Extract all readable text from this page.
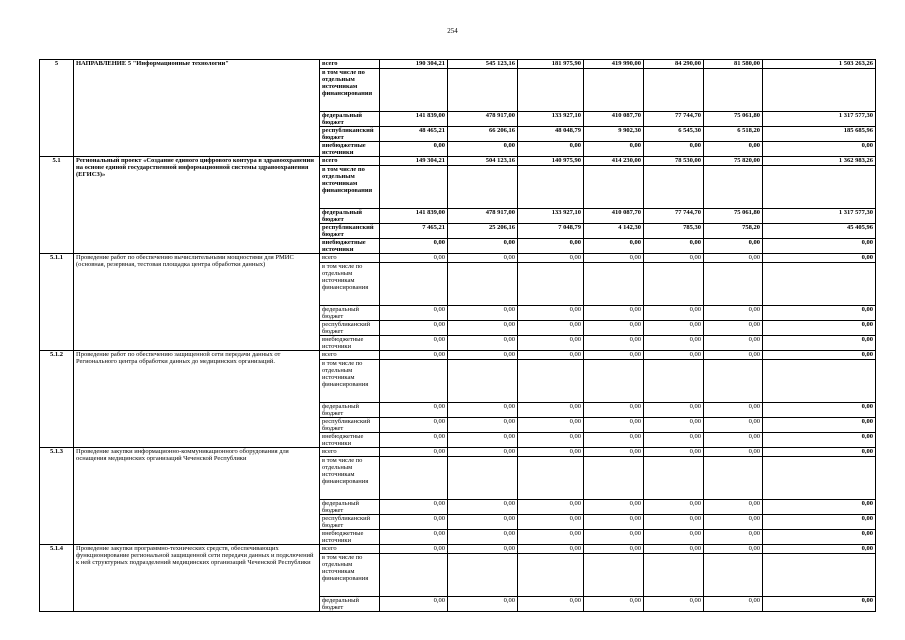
254
5	НАПРАВЛЕНИЕ 5 "Информационные технологии"	всего	190 304,21	545 123,16	181 975,90	419 990,00	84 290,00	81 580,00	1 503 263,26
		в том числе по отдельным источникам финансирования							
		федеральный бюджет	141 839,00	478 917,00	133 927,10	410 087,70	77 744,70	75 061,80	1 317 577,30
		республиканский бюджет	48 465,21	66 206,16	48 048,79	9 902,30	6 545,30	6 518,20	185 685,96
		внебюджетные источники	0,00	0,00	0,00	0,00	0,00	0,00	0,00
5.1	Региональный проект «Создание единого цифрового контура в здравоохранении на основе единой государственной информационной системы здравоохранения (ЕГИСЗ)»	всего	149 304,21	504 123,16	140 975,90	414 230,00	78 530,00	75 820,00	1 362 983,26
		в том числе по отдельным источникам финансирования							
		федеральный бюджет	141 839,00	478 917,00	133 927,10	410 087,70	77 744,70	75 061,80	1 317 577,30
		республиканский бюджет	7 465,21	25 206,16	7 048,79	4 142,30	785,30	758,20	45 405,96
		внебюджетные источники	0,00	0,00	0,00	0,00	0,00	0,00	0,00
5.1.1	Проведение работ по обеспечению вычислительными мощностями для РМИС (основная, резервная, тестовая площадка центра обработки данных)	всего	0,00	0,00	0,00	0,00	0,00	0,00	0,00
		в том числе по отдельным источникам финансирования							
		федеральный бюджет	0,00	0,00	0,00	0,00	0,00	0,00	0,00
		республиканский бюджет	0,00	0,00	0,00	0,00	0,00	0,00	0,00
		внебюджетные источники	0,00	0,00	0,00	0,00	0,00	0,00	0,00
5.1.2	Проведение работ по обеспечению защищенной сети передачи данных от Регионального центра обработки данных до медицинских организаций.	всего	0,00	0,00	0,00	0,00	0,00	0,00	0,00
		в том числе по отдельным источникам финансирования							
		федеральный бюджет	0,00	0,00	0,00	0,00	0,00	0,00	0,00
		республиканский бюджет	0,00	0,00	0,00	0,00	0,00	0,00	0,00
		внебюджетные источники	0,00	0,00	0,00	0,00	0,00	0,00	0,00
5.1.3	Проведение закупки информационно-коммуникационного оборудования для оснащения медицинских организаций Чеченской Республики	всего	0,00	0,00	0,00	0,00	0,00	0,00	0,00
		в том числе по отдельным источникам финансирования							
		федеральный бюджет	0,00	0,00	0,00	0,00	0,00	0,00	0,00
		республиканский бюджет	0,00	0,00	0,00	0,00	0,00	0,00	0,00
		внебюджетные источники	0,00	0,00	0,00	0,00	0,00	0,00	0,00
5.1.4	Проведение закупки программно-технических средств, обеспечивающих функционирование региональной защищенной сети передачи данных и подключений к ней структурных подразделений медицинских организаций Чеченской Республики	всего	0,00	0,00	0,00	0,00	0,00	0,00	0,00
		в том числе по отдельным источникам финансирования							
		федеральный бюджет	0,00	0,00	0,00	0,00	0,00	0,00	0,00
